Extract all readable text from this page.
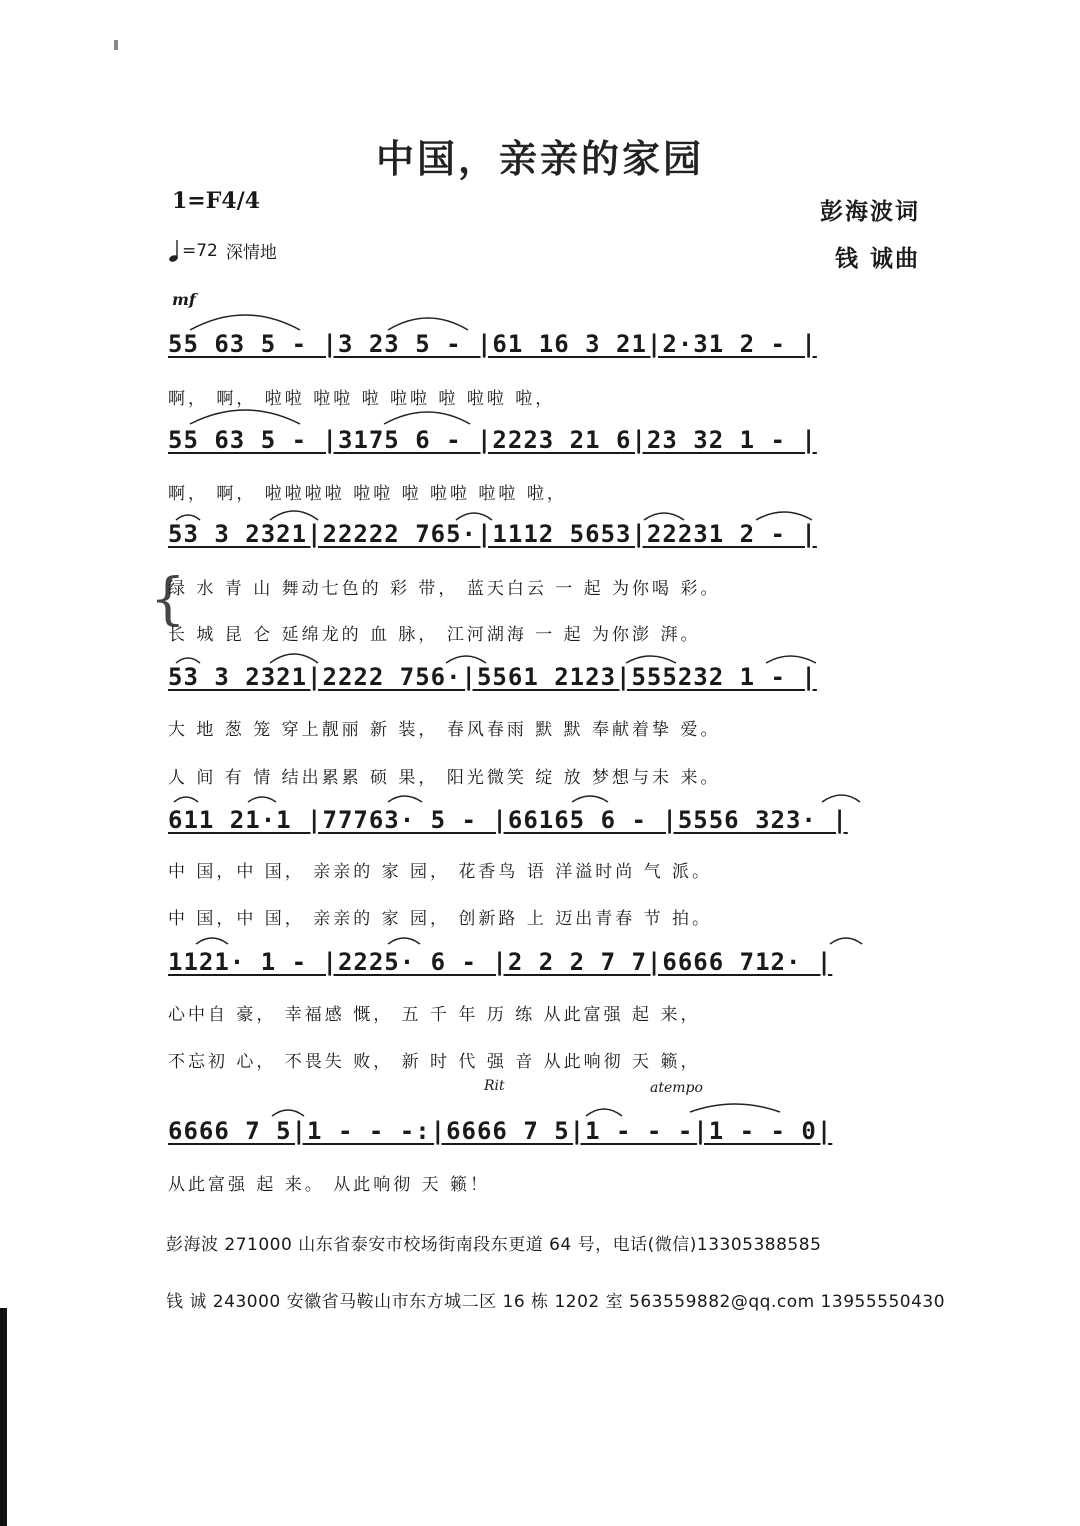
中国，亲亲的家园
1=F4/4
=72 深情地
彭海波词
钱 诚曲
mf
55 63 5 - |3 23 5 - |61 16 3 21|2·31 2 - |
啊， 啊， 啦啦 啦啦 啦 啦啦 啦 啦啦 啦，
55 63 5 - |3175 6 - |2223 21 6|23 32 1 - |
啊， 啊， 啦啦啦啦 啦啦 啦 啦啦 啦啦 啦，
53 3 2321|22222 765·|1112 5653|22231 2 - |
{
绿 水 青 山 舞动七色的 彩 带， 蓝天白云 一 起 为你喝 彩。
长 城 昆 仑 延绵龙的 血 脉， 江河湖海 一 起 为你澎 湃。
53 3 2321|2222 756·|5561 2123|555232 1 - |
大 地 葱 笼 穿上靓丽 新 装， 春风春雨 默 默 奉献着挚 爱。
人 间 有 情 结出累累 硕 果， 阳光微笑 绽 放 梦想与未 来。
611 21·1 |77763· 5 - |66165 6 - |5556 323· |
中 国，中 国， 亲亲的 家 园， 花香鸟 语 洋溢时尚 气 派。
中 国，中 国， 亲亲的 家 园， 创新路 上 迈出青春 节 拍。
1121· 1 - |2225· 6 - |2 2 2 7 7|6666 712· |
心中自 豪， 幸福感 慨， 五 千 年 历 练 从此富强 起 来，
不忘初 心， 不畏失 败， 新 时 代 强 音 从此响彻 天 籁，
Rit	atempo
6666 7 5|1 - - -:|6666 7 5|1 - - -|1 - - 0|
从此富强 起 来。 从此响彻 天 籁！
彭海波 271000 山东省泰安市校场街南段东更道 64 号，电话(微信)13305388585
钱 诚 243000 安徽省马鞍山市东方城二区 16 栋 1202 室 563559882@qq.com 13955550430
